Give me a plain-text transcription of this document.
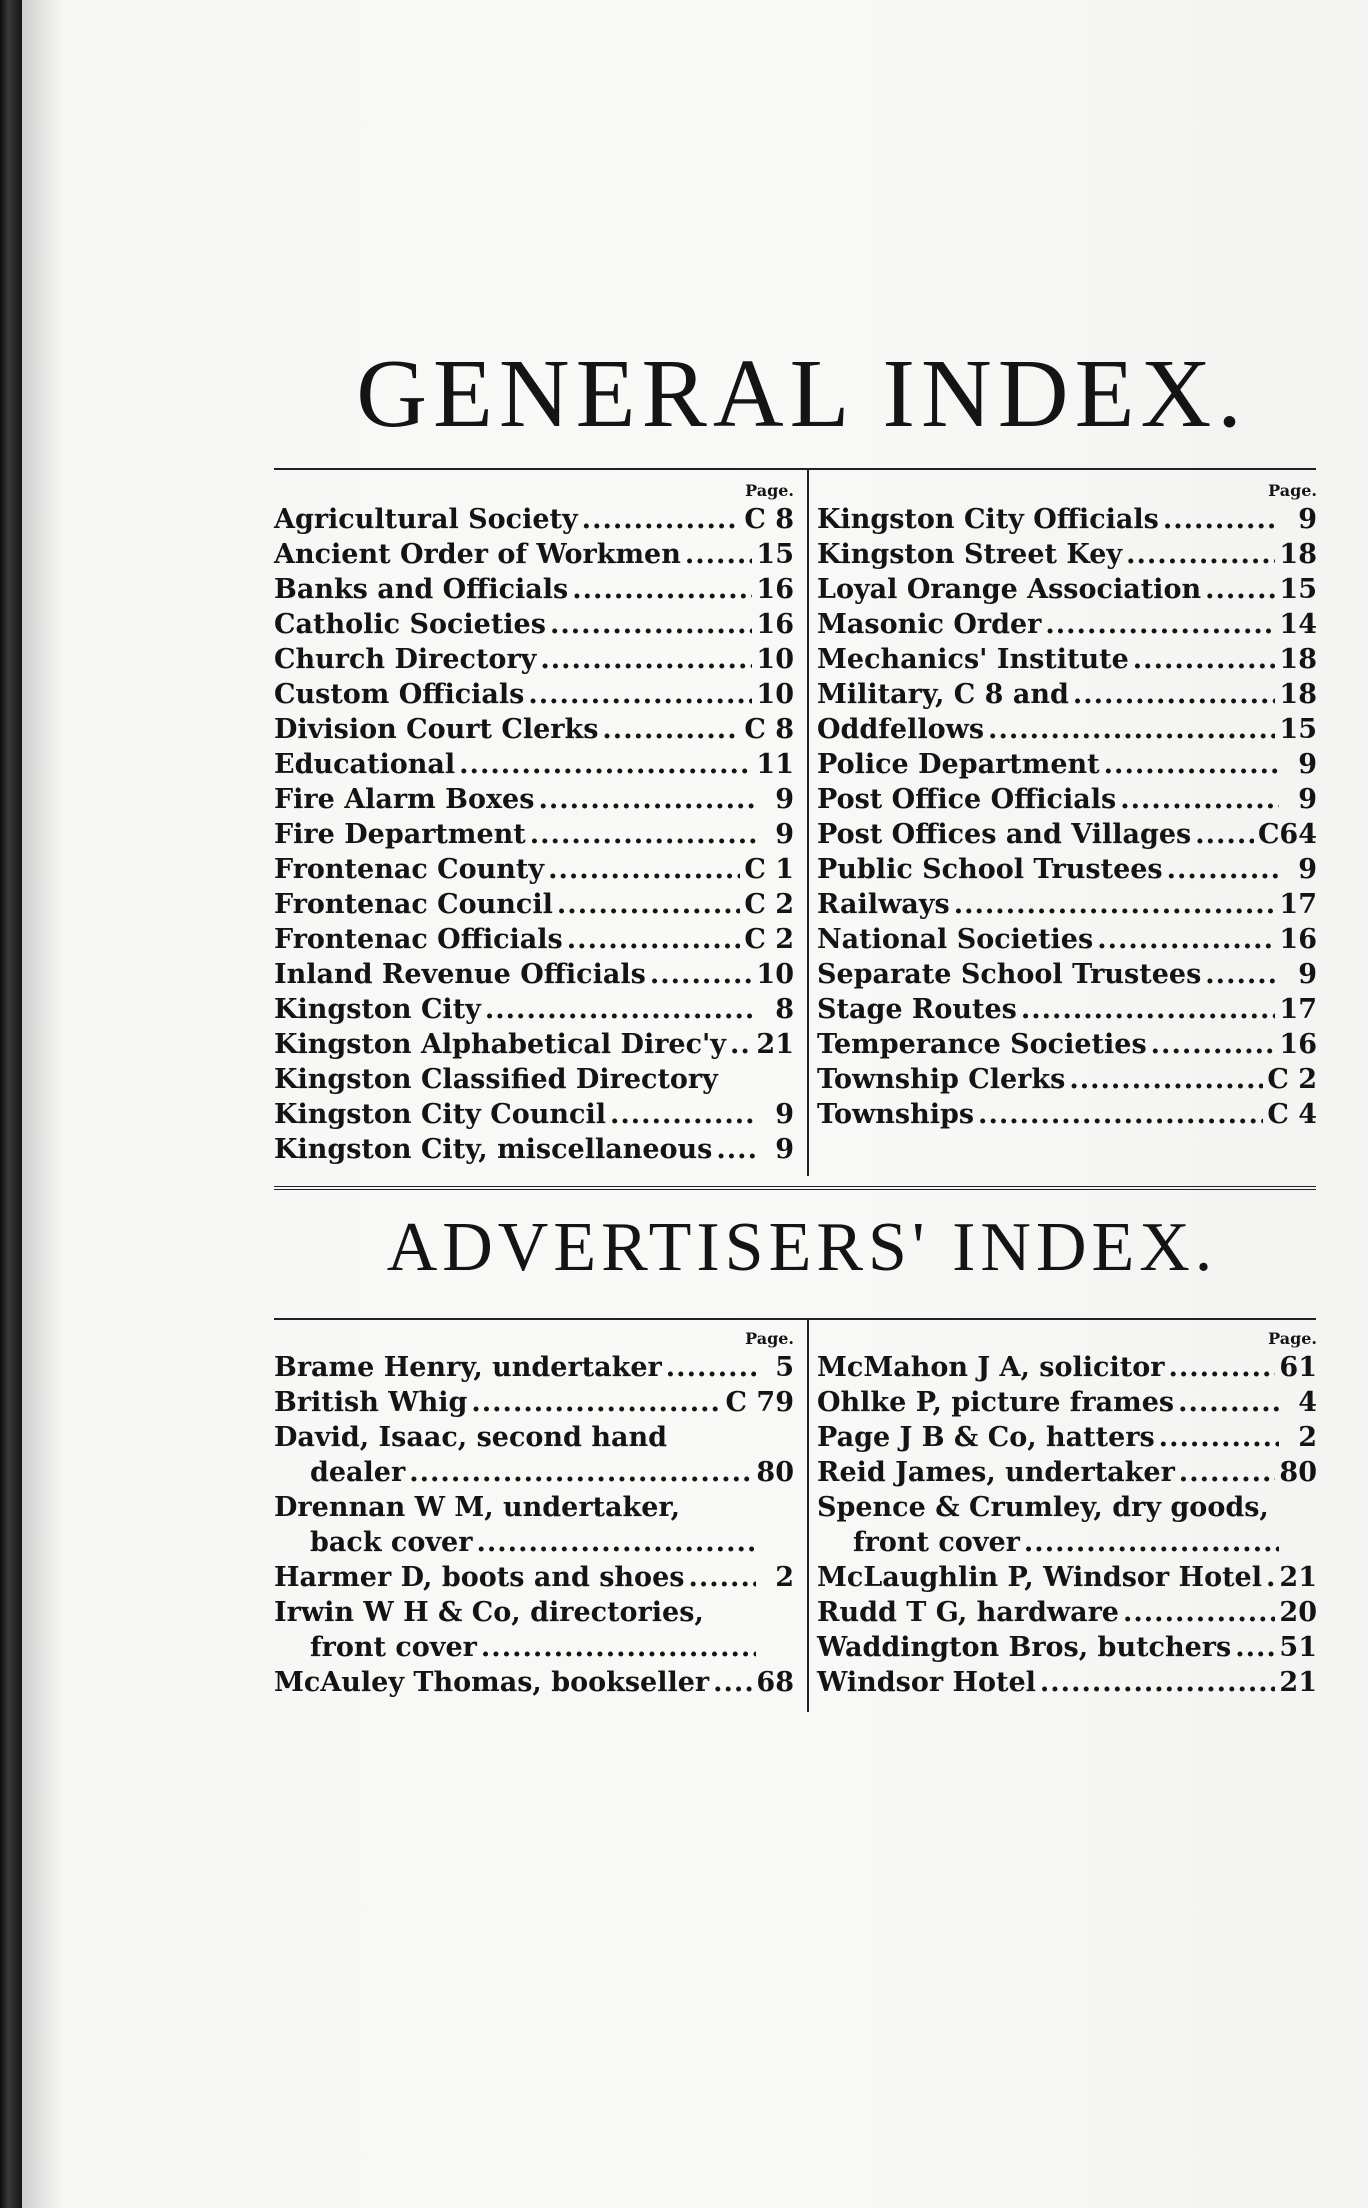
GENERAL INDEX.
Page.
Agricultural Society .....	C 8
Ancient Order of Workmen .....	15
Banks and Officials .....	16
Catholic Societies .....	16
Church Directory .....	10
Custom Officials .....	10
Division Court Clerks .....	C 8
Educational .....	11
Fire Alarm Boxes .....	9
Fire Department .....	9
Frontenac County .....	C 1
Frontenac Council .....	C 2
Frontenac Officials .....	C 2
Inland Revenue Officials .....	10
Kingston City .....	8
Kingston Alphabetical Direc'y ..... 21
Kingston Classified Directory
Kingston City Council .....	9
Kingston City, miscellaneous .....	9
Page.
Kingston City Officials .....	9
Kingston Street Key .....	18
Loyal Orange Association .....	15
Masonic Order .....	14
Mechanics' Institute .....	18
Military, C 8 and .....	18
Oddfellows .....	15
Police Department .....	9
Post Office Officials .....	9
Post Offices and Villages ..... C64
Public School Trustees .....	9
Railways .....	17
National Societies .....	16
Separate School Trustees .....	9
Stage Routes .....	17
Temperance Societies .....	16
Township Clerks .....	C 2
Townships .....	C 4
ADVERTISERS' INDEX.
Page.
Brame Henry, undertaker .....	5
British Whig .....	C 79
David, Isaac, second hand
dealer .....	80
Drennan W M, undertaker,
back cover
.....
Harmer D, boots and shoes .....	2
Irwin W H & Co, directories,
front cover
.....
McAuley Thomas, bookseller ..... 68
Page.
McMahon J A, solicitor .....	61
Ohlke P, picture frames .....	4
Page J B & Co, hatters .....	2
Reid James, undertaker .....	80
Spence & Crumley, dry goods,
front cover
.....
McLaughlin P, Windsor Hotel ..... 21
Rudd T G, hardware .....	20
Waddington Bros, butchers ..... 51
Windsor Hotel .....	21
